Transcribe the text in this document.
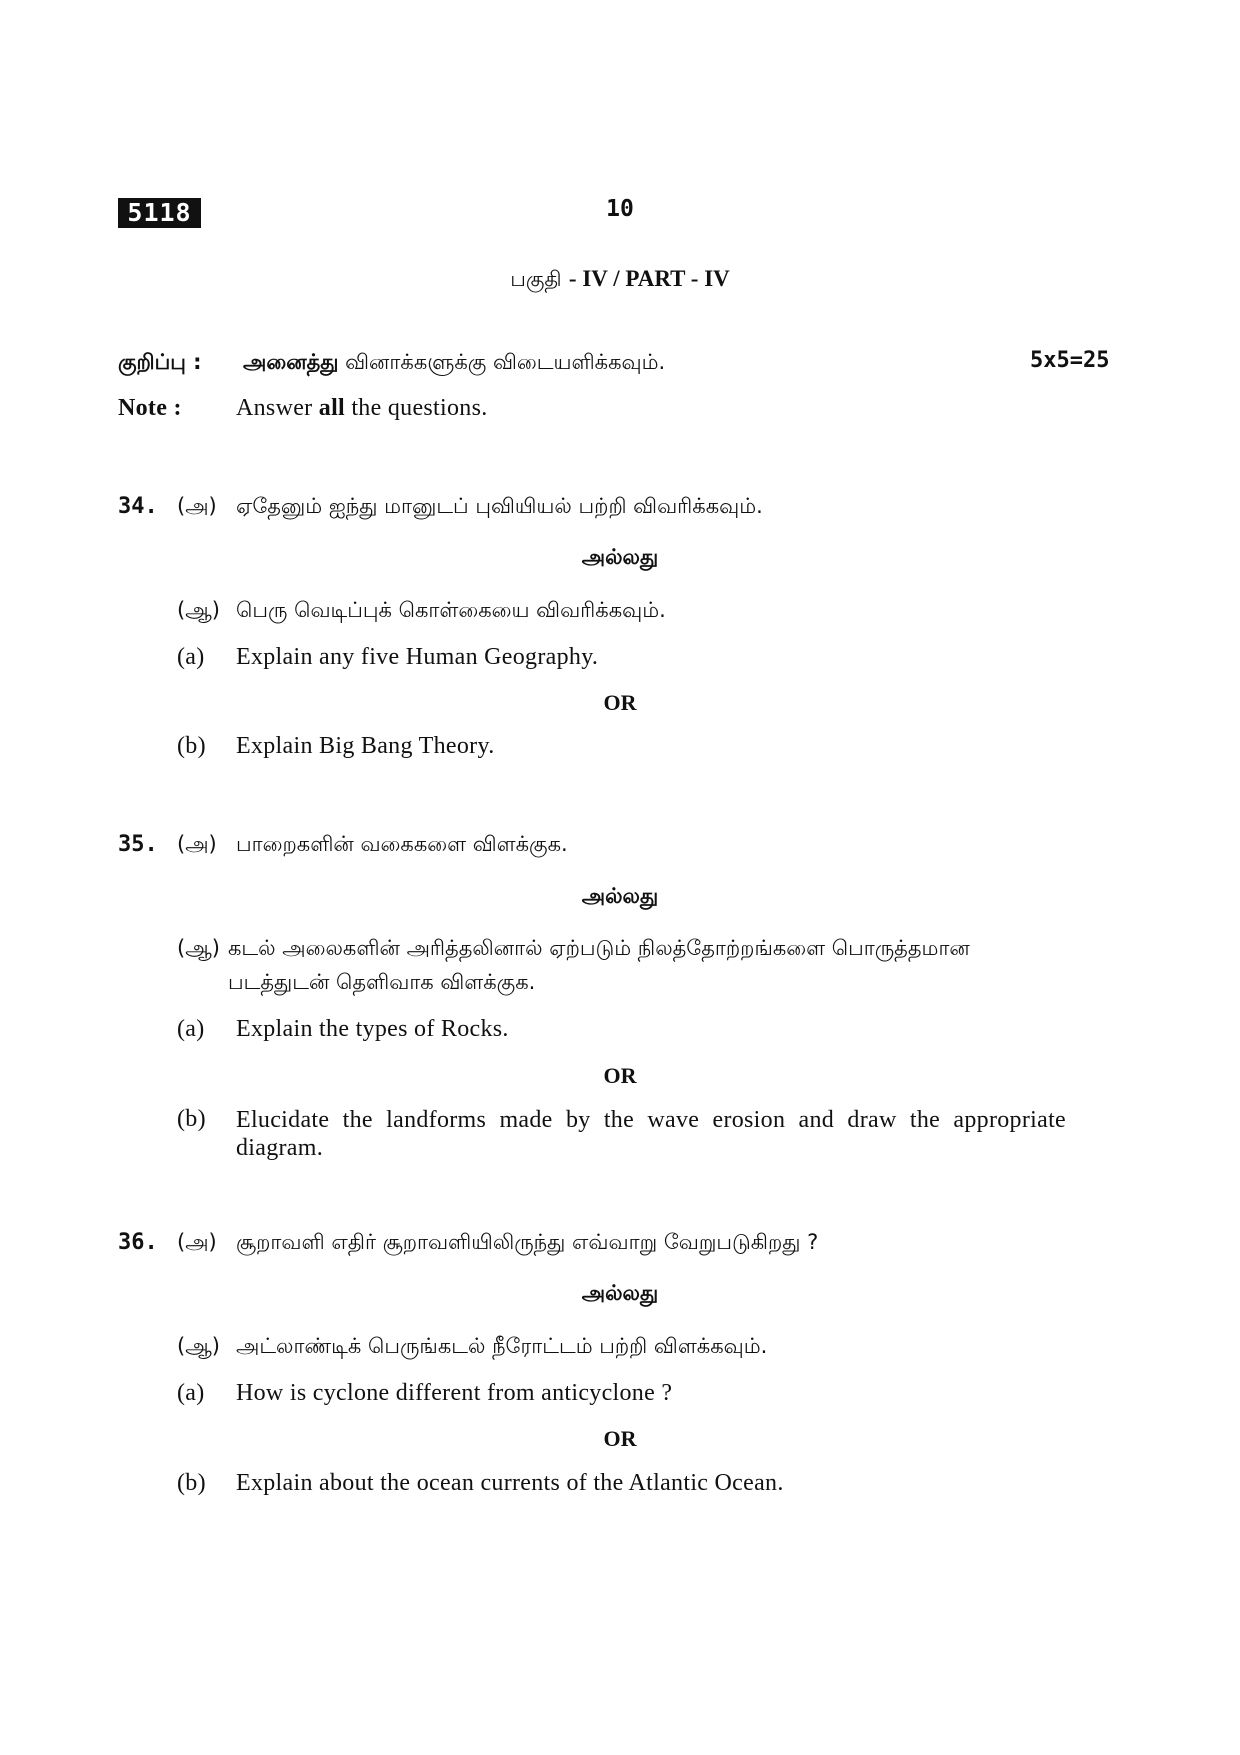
5118	10
பகுதி - IV / PART - IV
குறிப்பு : அனைத்து வினாக்களுக்கு விடையளிக்கவும்.	5x5=25
Note : Answer all the questions.
34. (அ) ஏதேனும் ஐந்து மானுடப் புவியியல் பற்றி விவரிக்கவும்.
அல்லது
(ஆ) பெரு வெடிப்புக் கொள்கையை விவரிக்கவும்.
(a) Explain any five Human Geography.
OR
(b) Explain Big Bang Theory.
35. (அ) பாறைகளின் வகைகளை விளக்குக.
அல்லது
(ஆ) கடல் அலைகளின் அரித்தலினால் ஏற்படும் நிலத்தோற்றங்களை பொருத்தமான
படத்துடன் தெளிவாக விளக்குக.
(a) Explain the types of Rocks.
OR
(b) Elucidate the landforms made by the wave erosion and draw the appropriate diagram.
36. (அ) சூறாவளி எதிர் சூறாவளியிலிருந்து எவ்வாறு வேறுபடுகிறது ?
அல்லது
(ஆ) அட்லாண்டிக் பெருங்கடல் நீரோட்டம் பற்றி விளக்கவும்.
(a) How is cyclone different from anticyclone ?
OR
(b) Explain about the ocean currents of the Atlantic Ocean.
